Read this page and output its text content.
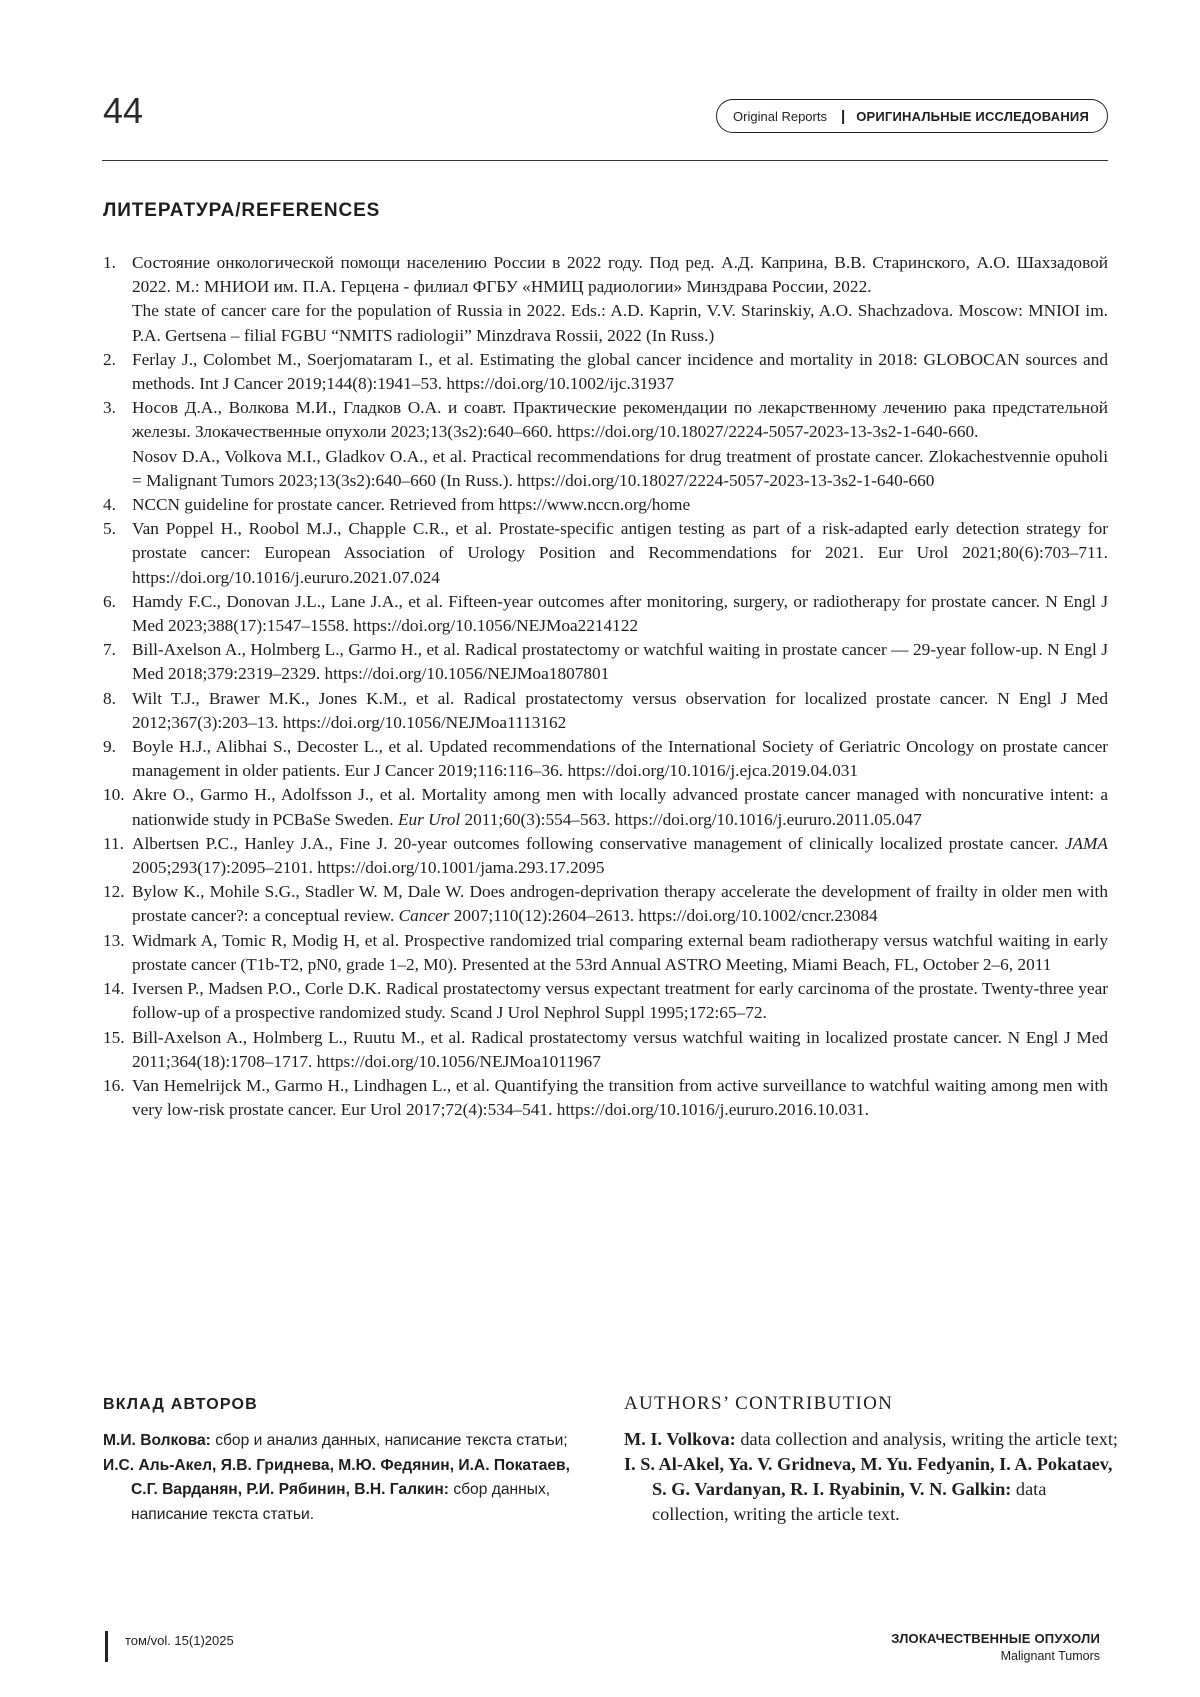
44	Original Reports | ОРИГИНАЛЬНЫЕ ИССЛЕДОВАНИЯ
ЛИТЕРАТУРА/REFERENCES
1. Состояние онкологической помощи населению России в 2022 году. Под ред. А.Д. Каприна, В.В. Старинского, А.О. Шахзадовой 2022. М.: МНИОИ им. П.А. Герцена - филиал ФГБУ «НМИЦ радиологии» Минздрава России, 2022.
The state of cancer care for the population of Russia in 2022. Eds.: A.D. Kaprin, V.V. Starinskiy, A.O. Shachzadova. Moscow: MNIOI im. P.A. Gertsena – filial FGBU “NMITS radiologii” Minzdrava Rossii, 2022 (In Russ.)
2. Ferlay J., Colombet M., Soerjomataram I., et al. Estimating the global cancer incidence and mortality in 2018: GLOBOCAN sources and methods. Int J Cancer 2019;144(8):1941–53. https://doi.org/10.1002/ijc.31937
3. Носов Д.А., Волкова М.И., Гладков О.А. и соавт. Практические рекомендации по лекарственному лечению рака предстательной железы. Злокачественные опухоли 2023;13(3s2):640–660. https://doi.org/10.18027/2224-5057-2023-13-3s2-1-640-660.
Nosov D.A., Volkova M.I., Gladkov O.A., et al. Practical recommendations for drug treatment of prostate cancer. Zlokachestvennie opuholi = Malignant Tumors 2023;13(3s2):640–660 (In Russ.). https://doi.org/10.18027/2224-5057-2023-13-3s2-1-640-660
4. NCCN guideline for prostate cancer. Retrieved from https://www.nccn.org/home
5. Van Poppel H., Roobol M.J., Chapple C.R., et al. Prostate-specific antigen testing as part of a risk-adapted early detection strategy for prostate cancer: European Association of Urology Position and Recommendations for 2021. Eur Urol 2021;80(6):703–711. https://doi.org/10.1016/j.eururo.2021.07.024
6. Hamdy F.C., Donovan J.L., Lane J.A., et al. Fifteen-year outcomes after monitoring, surgery, or radiotherapy for prostate cancer. N Engl J Med 2023;388(17):1547–1558. https://doi.org/10.1056/NEJMoa2214122
7. Bill-Axelson A., Holmberg L., Garmo H., et al. Radical prostatectomy or watchful waiting in prostate cancer — 29-year follow-up. N Engl J Med 2018;379:2319–2329. https://doi.org/10.1056/NEJMoa1807801
8. Wilt T.J., Brawer M.K., Jones K.M., et al. Radical prostatectomy versus observation for localized prostate cancer. N Engl J Med 2012;367(3):203–13. https://doi.org/10.1056/NEJMoa1113162
9. Boyle H.J., Alibhai S., Decoster L., et al. Updated recommendations of the International Society of Geriatric Oncology on prostate cancer management in older patients. Eur J Cancer 2019;116:116–36. https://doi.org/10.1016/j.ejca.2019.04.031
10. Akre O., Garmo H., Adolfsson J., et al. Mortality among men with locally advanced prostate cancer managed with noncurative intent: a nationwide study in PCBaSe Sweden. Eur Urol 2011;60(3):554–563. https://doi.org/10.1016/j.eururo.2011.05.047
11. Albertsen P.C., Hanley J.A., Fine J. 20-year outcomes following conservative management of clinically localized prostate cancer. JAMA 2005;293(17):2095–2101. https://doi.org/10.1001/jama.293.17.2095
12. Bylow K., Mohile S.G., Stadler W. M, Dale W. Does androgen-deprivation therapy accelerate the development of frailty in older men with prostate cancer?: a conceptual review. Cancer 2007;110(12):2604–2613. https://doi.org/10.1002/cncr.23084
13. Widmark A, Tomic R, Modig H, et al. Prospective randomized trial comparing external beam radiotherapy versus watchful waiting in early prostate cancer (T1b-T2, pN0, grade 1–2, M0). Presented at the 53rd Annual ASTRO Meeting, Miami Beach, FL, October 2–6, 2011
14. Iversen P., Madsen P.O., Corle D.K. Radical prostatectomy versus expectant treatment for early carcinoma of the prostate. Twenty-three year follow-up of a prospective randomized study. Scand J Urol Nephrol Suppl 1995;172:65–72.
15. Bill-Axelson A., Holmberg L., Ruutu M., et al. Radical prostatectomy versus watchful waiting in localized prostate cancer. N Engl J Med 2011;364(18):1708–1717. https://doi.org/10.1056/NEJMoa1011967
16. Van Hemelrijck M., Garmo H., Lindhagen L., et al. Quantifying the transition from active surveillance to watchful waiting among men with very low-risk prostate cancer. Eur Urol 2017;72(4):534–541. https://doi.org/10.1016/j.eururo.2016.10.031.
ВКЛАД АВТОРОВ	AUTHORS’ CONTRIBUTION

М.И. Волкова: сбор и анализ данных, написание текста статьи;

И.С. Аль-Акел, Я.В. Гриднева, М.Ю. Федянин, И.А. Покатаев, С.Г. Варданян, Р.И. Рябинин, В.Н. Галкин: сбор данных, написание текста статьи.

M. I. Volkova: data collection and analysis, writing the article text;

I. S. Al-Akel, Ya. V. Gridneva, M. Yu. Fedyanin, I. A. Pokataev, S. G. Vardanyan, R. I. Ryabinin, V. N. Galkin: data collection, writing the article text.

том/vol. 15(1)2025	ЗЛОКАЧЕСТВЕННЫЕ ОПУХОЛИ
Malignant Tumors
